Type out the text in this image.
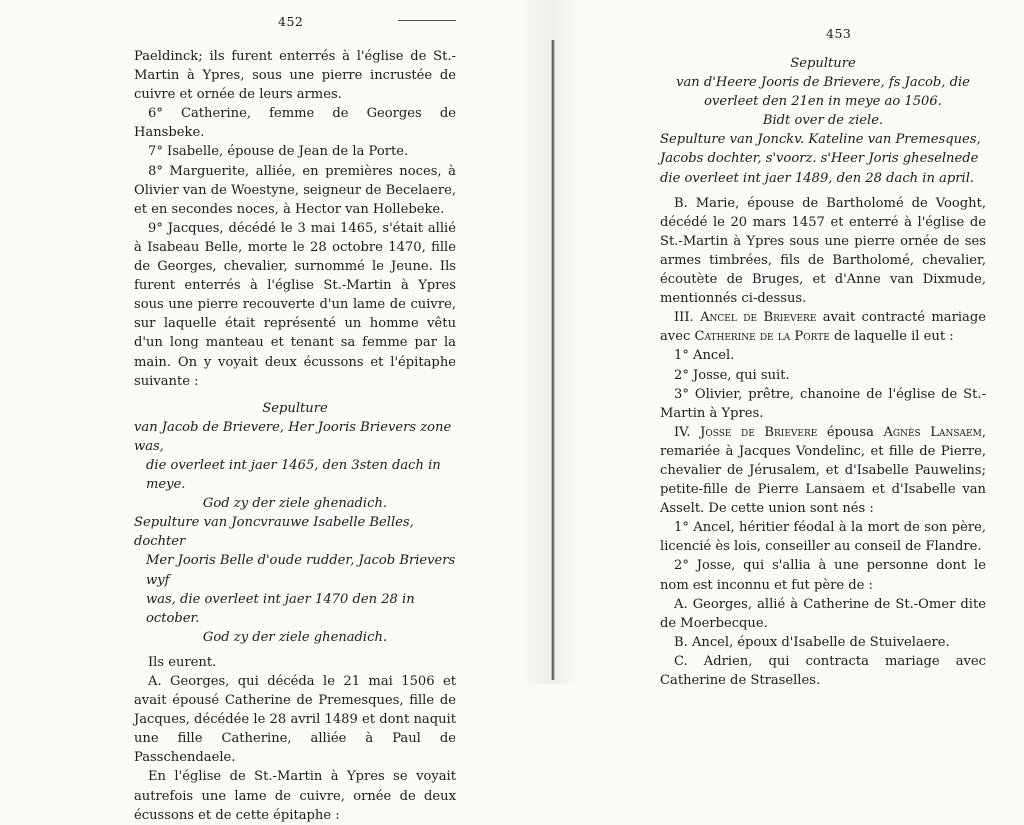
452

Paeldinck; ils furent enterrés à l'église de St.-Martin à Ypres, sous une pierre incrustée de cuivre et ornée de leurs armes.

6° Catherine, femme de Georges de Hansbeke.

7° Isabelle, épouse de Jean de la Porte.

8° Marguerite, alliée, en premières noces, à Olivier van de Woestyne, seigneur de Becelaere, et en secondes noces, à Hector van Hollebeke.

9° Jacques, décédé le 3 mai 1465, s'était allié à Isabeau Belle, morte le 28 octobre 1470, fille de Georges, chevalier, surnommé le Jeune. Ils furent enterrés à l'église St.-Martin à Ypres sous une pierre recouverte d'un lame de cuivre, sur laquelle était représenté un homme vêtu d'un long manteau et tenant sa femme par la main. On y voyait deux écussons et l'épitaphe suivante :

Sepulture
van Jacob de Brievere, Her Jooris Brievers zone was,
die overleet int jaer 1465, den 3sten dach in meye.
God zy der ziele ghenadich.
Sepulture van Joncvrauwe Isabelle Belles, dochter
Mer Jooris Belle d'oude rudder, Jacob Brievers wyf
was, die overleet int jaer 1470 den 28 in october.
God zy der ziele ghenadich.

Ils eurent.

A. Georges, qui décéda le 21 mai 1506 et avait épousé Catherine de Premesques, fille de Jacques, décédée le 28 avril 1489 et dont naquit une fille Catherine, alliée à Paul de Passchendaele.

En l'église de St.-Martin à Ypres se voyait autrefois une lame de cuivre, ornée de deux écussons et de cette épitaphe :

453
Sepulture
van d'Heere Jooris de Brievere, fs Jacob, die
overleet den 21en in meye ao 1506.
Bidt over de ziele.
Sepulture van Jonckv. Kateline van Premesques,
Jacobs dochter, s'voorz. s'Heer Joris gheselnede
die overleet int jaer 1489, den 28 dach in april.

B. Marie, épouse de Bartholomé de Vooght, décédé le 20 mars 1457 et enterré à l'église de St.-Martin à Ypres sous une pierre ornée de ses armes timbrées, fils de Bartholomé, chevalier, écoutète de Bruges, et d'Anne van Dixmude, mentionnés ci-dessus.

III. Ancel de Brievere avait contracté mariage avec Catherine de la Porte de laquelle il eut :

1° Ancel.

2° Josse, qui suit.

3° Olivier, prêtre, chanoine de l'église de St.-Martin à Ypres.

IV. Josse de Brievere épousa Agnès Lansaem, remariée à Jacques Vondelinc, et fille de Pierre, chevalier de Jérusalem, et d'Isabelle Pauwelins; petite-fille de Pierre Lansaem et d'Isabelle van Asselt. De cette union sont nés :

1° Ancel, héritier féodal à la mort de son père, licencié ès lois, conseiller au conseil de Flandre.

2° Josse, qui s'allia à une personne dont le nom est inconnu et fut père de :

A. Georges, allié à Catherine de St.-Omer dite de Moerbecque.

B. Ancel, époux d'Isabelle de Stuivelaere.

C. Adrien, qui contracta mariage avec Catherine de Straselles.
